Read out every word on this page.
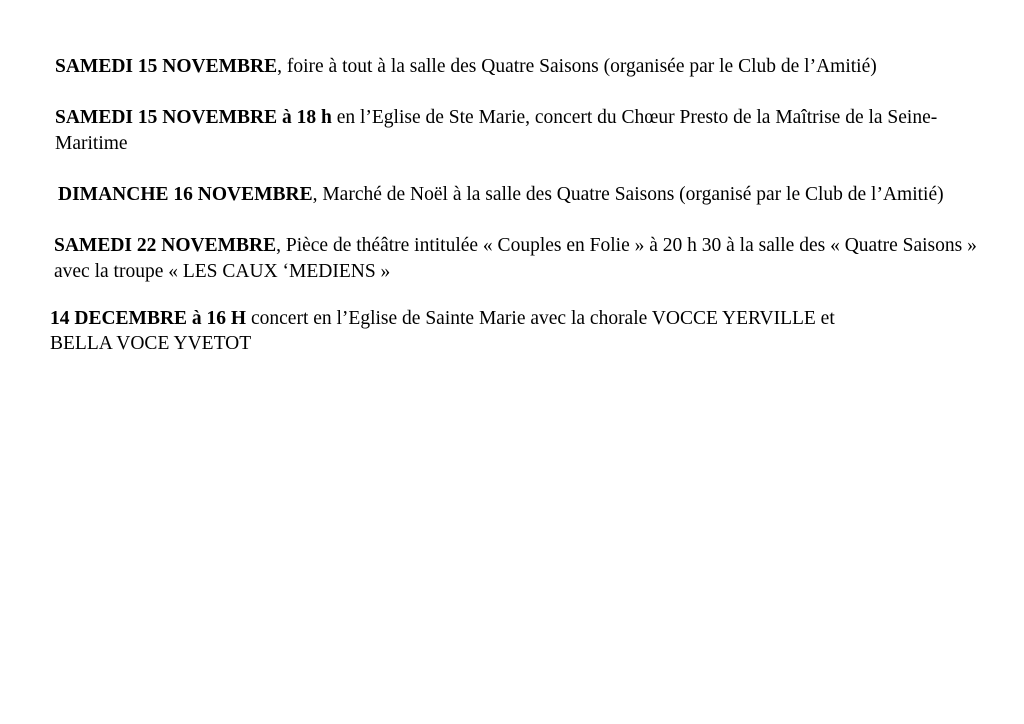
SAMEDI 15 NOVEMBRE, foire à tout à la salle des Quatre Saisons (organisée par le Club de l’Amitié)

SAMEDI 15 NOVEMBRE à 18 h en l’Eglise de Ste Marie, concert du Chœur Presto de la Maîtrise de la Seine-Maritime

DIMANCHE 16 NOVEMBRE, Marché de Noël à la salle des Quatre Saisons (organisé par le Club de l’Amitié)

SAMEDI 22 NOVEMBRE, Pièce de théâtre intitulée « Couples en Folie » à 20 h 30 à la salle des « Quatre Saisons »
avec la troupe « LES CAUX ‘MEDIENS »

14 DECEMBRE à 16 H concert en l’Eglise de Sainte Marie avec la chorale VOCCE YERVILLE et
BELLA VOCE YVETOT
